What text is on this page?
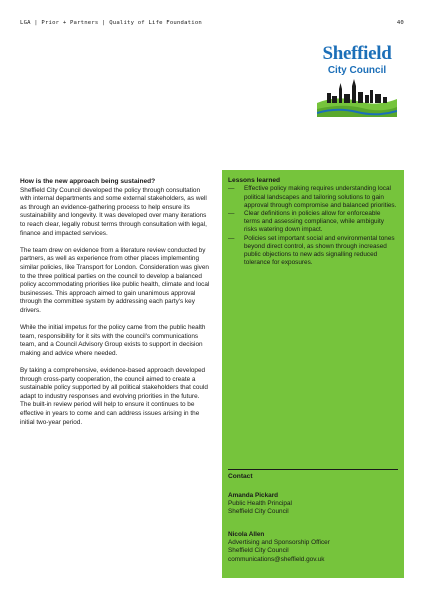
LGA | Prior + Partners | Quality of Life Foundation	40
Sheffield
City Council
How is the new approach being sustained?

Sheffield City Council developed the policy through consultation with internal departments and some external stakeholders, as well as through an evidence-gathering process to help ensure its sustainability and longevity. It was developed over many iterations to reach clear, legally robust terms through consultation with legal, finance and impacted services.

The team drew on evidence from a literature review conducted by partners, as well as experience from other places implementing similar policies, like Transport for London. Consideration was given to the three political parties on the council to develop a balanced policy accommodating priorities like public health, climate and local businesses. This approach aimed to gain unanimous approval through the committee system by addressing each party's key drivers.

While the initial impetus for the policy came from the public health team, responsibility for it sits with the council's communications team, and a Council Advisory Group exists to support in decision making and advice where needed.

By taking a comprehensive, evidence-based approach developed through cross-party cooperation, the council aimed to create a sustainable policy supported by all political stakeholders that could adapt to industry responses and evolving priorities in the future. The built-in review period will help to ensure it continues to be effective in years to come and can address issues arising in the initial two-year period.

Lessons learned
— Effective policy making requires understanding local political landscapes and tailoring solutions to gain approval through compromise and balanced priorities.
— Clear definitions in policies allow for enforceable terms and assessing compliance, while ambiguity risks watering down impact.
— Policies set important social and environmental tones beyond direct control, as shown through increased public objections to new ads signalling reduced tolerance for exposures.
Contact
Amanda Pickard
Public Health Principal
Sheffield City Council
Nicola Allen
Advertising and Sponsorship Officer
Sheffield City Council
communications@sheffield.gov.uk
